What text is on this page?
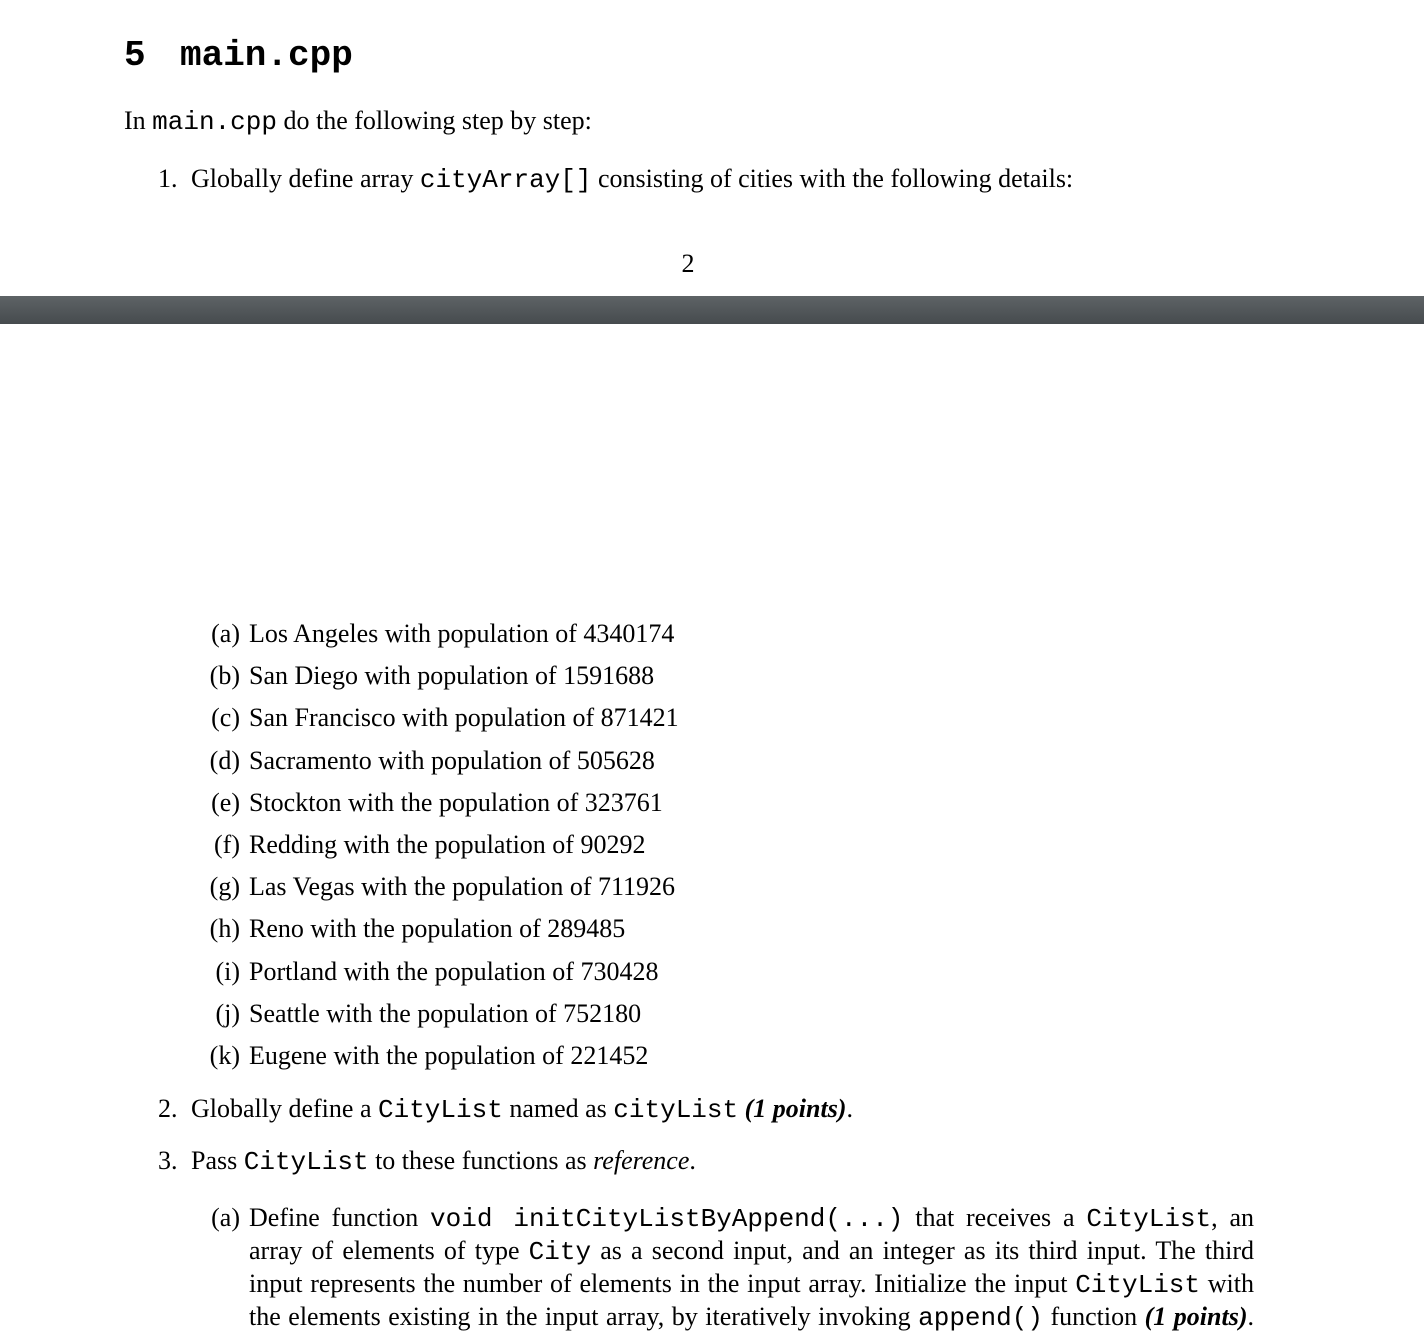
5 main.cpp
In main.cpp do the following step by step:
1. Globally define array cityArray[] consisting of cities with the following details:
2
(a) Los Angeles with population of 4340174
(b) San Diego with population of 1591688
(c) San Francisco with population of 871421
(d) Sacramento with population of 505628
(e) Stockton with the population of 323761
(f) Redding with the population of 90292
(g) Las Vegas with the population of 711926
(h) Reno with the population of 289485
(i) Portland with the population of 730428
(j) Seattle with the population of 752180
(k) Eugene with the population of 221452
2. Globally define a CityList named as cityList (1 points).
3. Pass CityList to these functions as reference.
(a) Define function void initCityListByAppend(...) that receives a CityList, an
array of elements of type City as a second input, and an integer as its third input. The third
input represents the number of elements in the input array. Initialize the input CityList with
the elements existing in the input array, by iteratively invoking append() function (1 points).
